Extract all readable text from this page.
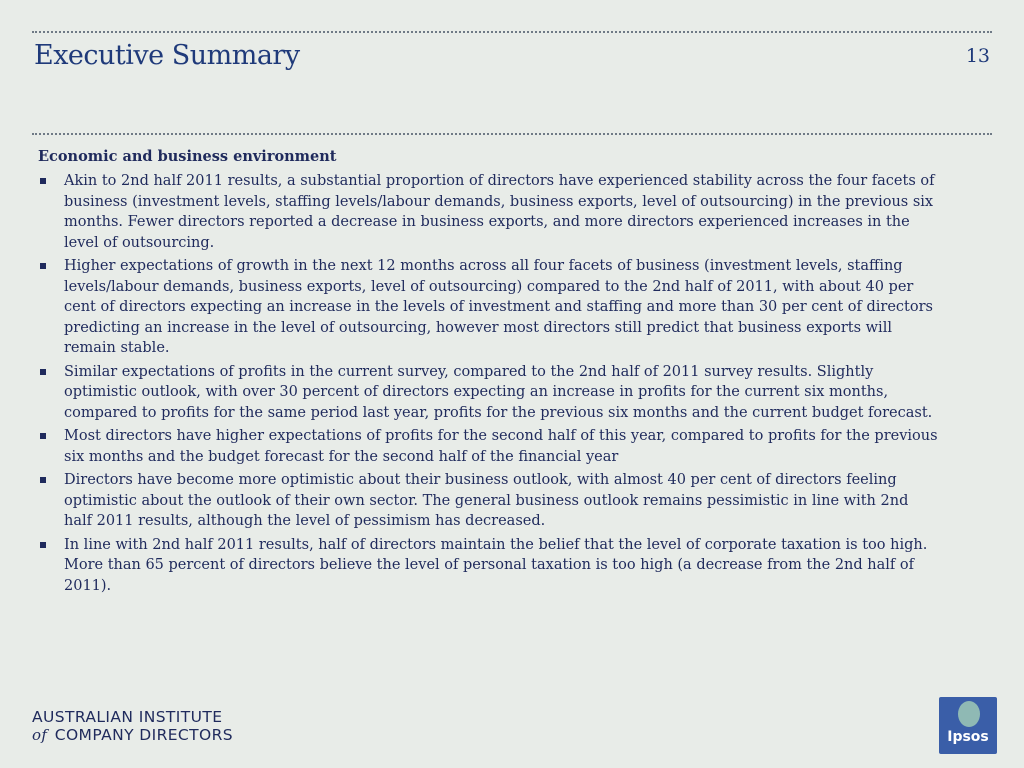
Executive Summary	13
Economic and business environment
Akin to 2nd half 2011 results, a substantial proportion of directors have experienced stability across the four facets of business (investment levels, staffing levels/labour demands, business exports, level of outsourcing) in the previous six months. Fewer directors reported a decrease in business exports, and more directors experienced increases in the level of outsourcing.
Higher expectations of growth in the next 12 months across all four facets of business (investment levels, staffing levels/labour demands, business exports, level of outsourcing) compared to the 2nd half of 2011, with about 40 per cent of directors expecting an increase in the levels of investment and staffing and more than 30 per cent of directors predicting an increase in the level of outsourcing, however most directors still predict that business exports will remain stable.
Similar expectations of profits in the current survey, compared to the 2nd half of 2011 survey results. Slightly optimistic outlook, with over 30 percent of directors expecting an increase in profits for the current six months, compared to profits for the same period last year, profits for the previous six months and the current budget forecast.
Most directors have higher expectations of profits for the second half of this year, compared to profits for the previous six months and the budget forecast for the second half of the financial year
Directors have become more optimistic about their business outlook, with almost 40 per cent of directors feeling optimistic about the outlook of their own sector. The general business outlook remains pessimistic in line with 2nd half 2011 results, although the level of pessimism has decreased.
In line with 2nd half 2011 results, half of directors maintain the belief that the level of corporate taxation is too high. More than 65 percent of directors believe the level of personal taxation is too high (a decrease from the 2nd half of 2011).
AUSTRALIAN INSTITUTE
of COMPANY DIRECTORS	Ipsos
